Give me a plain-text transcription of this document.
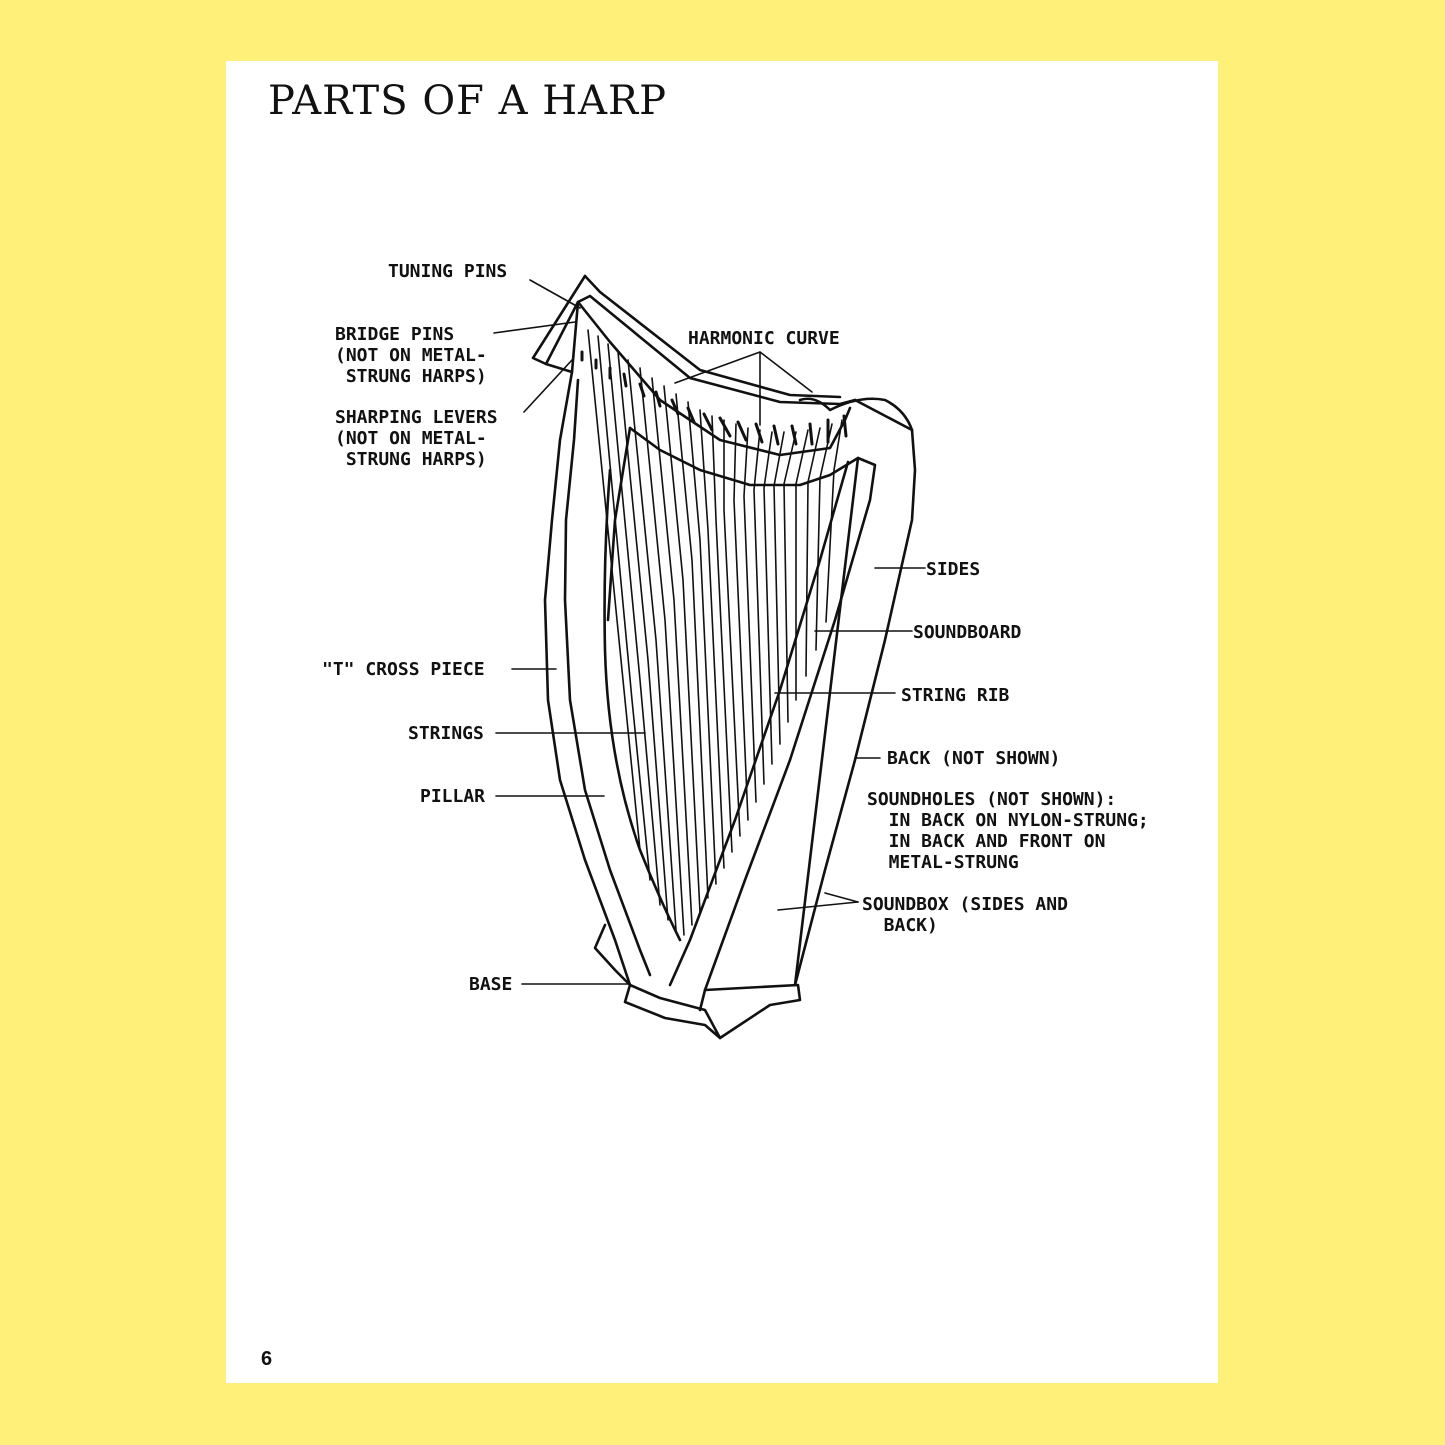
PARTS OF A HARP
TUNING PINS
BRIDGE PINS
(NOT ON METAL-
STRUNG HARPS)
SHARPING LEVERS
(NOT ON METAL-
STRUNG HARPS)
HARMONIC CURVE
"T" CROSS PIECE
STRINGS
PILLAR
BASE
SIDES
SOUNDBOARD
STRING RIB
BACK (NOT SHOWN)
SOUNDHOLES (NOT SHOWN):
IN BACK ON NYLON-STRUNG;
IN BACK AND FRONT ON
METAL-STRUNG
SOUNDBOX (SIDES AND
BACK)
6
